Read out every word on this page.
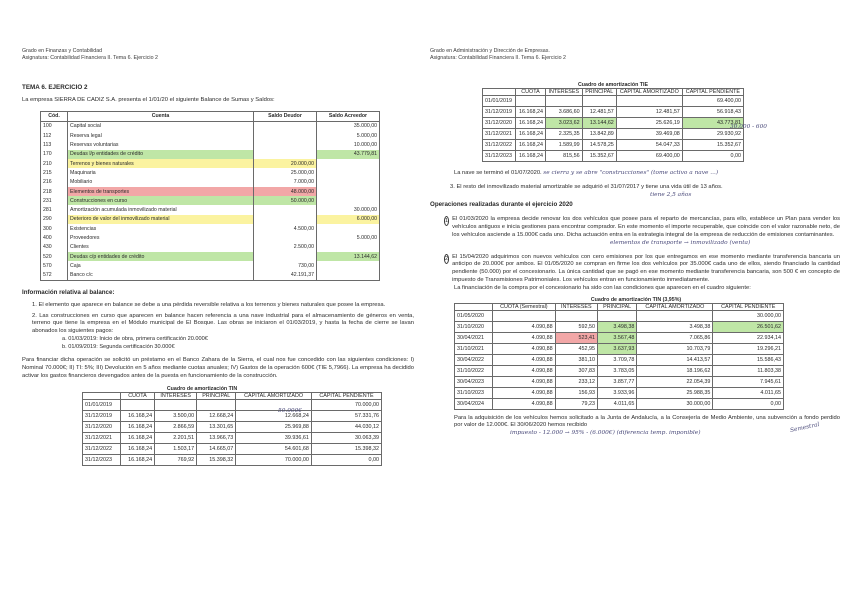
Grado en Finanzas y Contabilidad
Asignatura: Contabilidad Financiera II. Tema 6. Ejercicio 2
TEMA 6. EJERCICIO 2
La empresa SIERRA DE CADIZ S.A. presenta el 1/01/20 el siguiente Balance de Sumas y Saldos:
Cód.	Cuenta	Saldo Deudor	Saldo Acreedor
100	Capital social		35.000,00
112	Reserva legal		5.000,00
113	Reservas voluntarias		10.000,00
170	Deudas l/p entidades de crédito		43.779,81
210	Terrenos y bienes naturales	20.000,00	
215	Maquinaria	25.000,00	
216	Mobiliario	7.000,00	
218	Elementos de transportes	48.000,00	
231	Construcciones en curso	50.000,00	
281	Amortización acumulada inmovilizado material		30.000,00
290	Deterioro de valor del inmovilizado material		6.000,00
300	Existencias	4.500,00	
400	Proveedores		5.000,00
430	Clientes	2.500,00	
520	Deudas c/p entidades de crédito		13.144,62
570	Caja	730,00	
572	Banco c/c	42.191,37	
Información relativa al balance:
1. El elemento que aparece en balance se debe a una pérdida reversible relativa a los terrenos y bienes naturales que posee la empresa.
2. Las construcciones en curso que aparecen en balance hacen referencia a una nave industrial para el almacenamiento de géneros en venta, terreno que tiene la empresa en el Módulo municipal de El Bosque. Las obras se iniciaron el 01/03/2019, y hasta la fecha de cierre se lavan abonados los siguientes pagos:
a. 01/03/2019: Inicio de obra, primera certificación 20.000€
b. 01/09/2019: Segunda certificación 30.000€
Para financiar dicha operación se solicitó un préstamo en el Banco Zahara de la Sierra, el cual nos fue concedido con las siguientes condiciones: I) Nominal 70.000€; II) TI: 5%; III) Devolución en 5 años mediante cuotas anuales; IV) Gastos de la operación 600€ (TIE 5,7966). La empresa ha decidido activar los gastos financieros devengados antes de la puesta en funcionamiento de la construcción.
Cuadro de amortización TIN
	CUOTA	INTERESES	PRINCIPAL	CAPITAL AMORTIZADO	CAPITAL PENDIENTE
01/01/2019					70.000,00
31/12/2019	16.168,24	3.500,00	12.668,24	12.668,24	57.331,76
31/12/2020	16.168,24	2.866,59	13.301,65	25.969,88	44.030,12
31/12/2021	16.168,24	2.201,51	13.966,73	39.936,61	30.063,39
31/12/2022	16.168,24	1.503,17	14.665,07	54.601,68	15.398,32
31/12/2023	16.168,24	769,92	15.398,32	70.000,00	0,00
50.000€
Grado en Administración y Dirección de Empresas.
Asignatura: Contabilidad Financiera II. Tema 6. Ejercicio 2
Cuadro de amortización TIE
	CUOTA	INTERESES	PRINCIPAL	CAPITAL AMORTIZADO	CAPITAL PENDIENTE
01/01/2019					69.400,00
31/12/2019	16.168,24	3.686,60	12.481,57	12.481,57	56.918,43
31/12/2020	16.168,24	3.023,62	13.144,62	25.626,19	43.773,81
31/12/2021	16.168,24	2.325,35	13.842,89	39.469,08	29.930,92
31/12/2022	16.168,24	1.589,99	14.578,25	54.047,33	15.352,67
31/12/2023	16.168,24	815,56	15.352,67	69.400,00	0,00
La nave se terminó el 01/07/2020. se cierra y se abre "construcciones" (tome activo a nave ...)
3. El resto del inmovilizado material amortizable se adquirió el 31/07/2017 y tiene una vida útil de 13 años.
tiene 2,5 años
Operaciones realizadas durante el ejercicio 2020
1 El 01/03/2020 la empresa decide renovar los dos vehículos que posee para el reparto de mercancías, para ello, establece un Plan para vender los vehículos antiguos e inicia gestiones para encontrar comprador. En este momento el importe recuperable, que coincide con el valor razonable neto, de los vehículos asciende a 15.000€ cada uno. Dicha actuación entra en la estrategia integral de la empresa de reducción de emisiones contaminantes.
elementos de transporte → inmovilizado (venta)
2 El 15/04/2020 adquirimos con nuevos vehículos con cero emisiones por los que entregamos en ese momento mediante transferencia bancaria un anticipo de 20.000€ por ambos. El 01/05/2020 se compran en firme los dos vehículos por 35.000€ cada uno de ellos, siendo financiado la cantidad pendiente (50.000) por el concesionario. La única cantidad que se pagó en ese momento mediante transferencia bancaria, son 500 € en concepto de impuesto de Transmisiones Patrimoniales. Los vehículos entran en funcionamiento inmediatamente.
La financiación de la compra por el concesionario ha sido con las condiciones que aparecen en el cuadro siguiente:
Cuadro de amortización TIN (3,95%)
	CUOTA (Semestral)	INTERESES	PRINCIPAL	CAPITAL AMORTIZADO	CAPITAL PENDIENTE
01/05/2020					30.000,00
31/10/2020	4.090,88	592,50	3.498,38	3.498,38	26.501,62
30/04/2021	4.090,88	523,41	3.567,48	7.065,86	22.934,14
31/10/2021	4.090,88	452,95	3.637,93	10.703,79	19.296,21
30/04/2022	4.090,88	381,10	3.709,78	14.413,57	15.586,43
31/10/2022	4.090,88	307,83	3.783,05	18.196,62	11.803,38
30/04/2023	4.090,88	233,12	3.857,77	22.054,39	7.945,61
31/10/2023	4.090,88	156,93	3.933,96	25.988,35	4.011,65
30/04/2024	4.090,88	79,23	4.011,65	30.000,00	0,00
Para la adquisición de los vehículos hemos solicitado a la Junta de Andalucía, a la Consejería de Medio Ambiente, una subvención a fondo perdido por valor de 12.000€. El 30/06/2020 hemos recibido
impuesto - 12.000 → 95% - (6.000€) (diferencia temp. imponible)
30.000 - 600
Semestral
